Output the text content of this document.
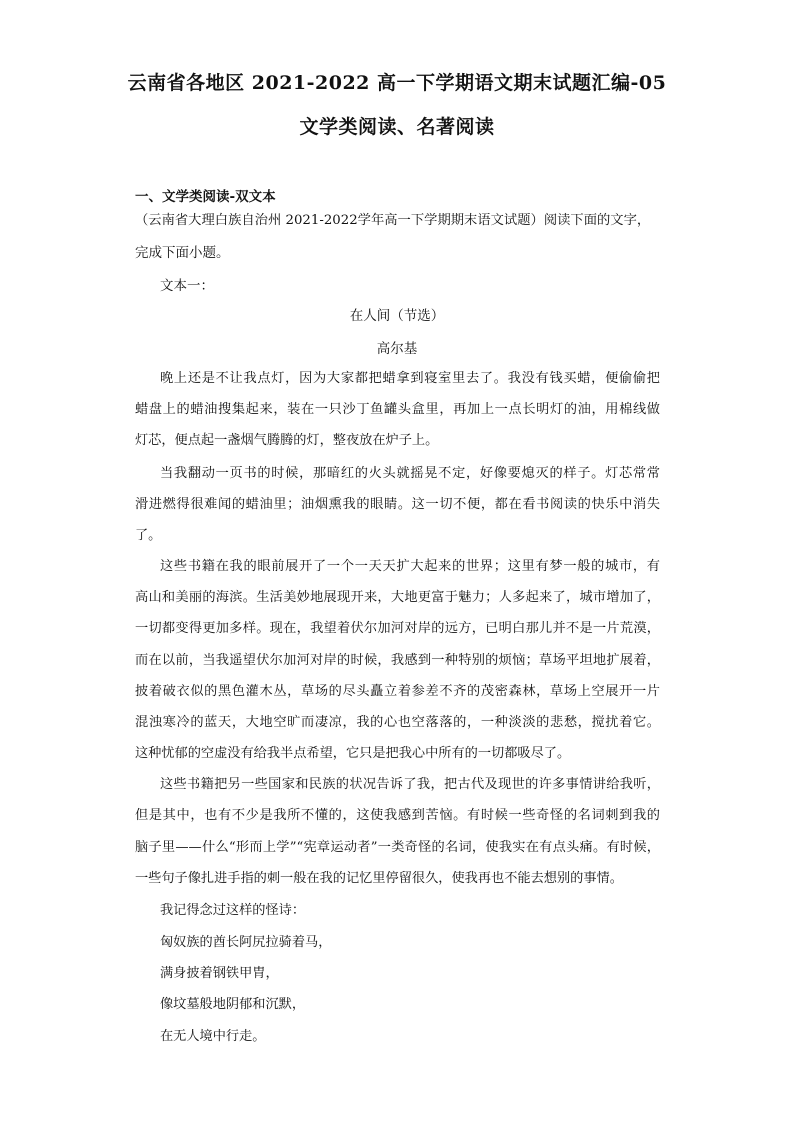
云南省各地区 2021-2022 高一下学期语文期末试题汇编-05
文学类阅读、名著阅读
一、文学类阅读-双文本
（云南省大理白族自治州 2021-2022学年高一下学期期末语文试题）阅读下面的文字，
完成下面小题。
文本一：
在人间（节选）
高尔基
晚上还是不让我点灯，因为大家都把蜡拿到寝室里去了。我没有钱买蜡，便偷偷把
蜡盘上的蜡油搜集起来，装在一只沙丁鱼罐头盒里，再加上一点长明灯的油，用棉线做
灯芯，便点起一盏烟气腾腾的灯，整夜放在炉子上。
当我翻动一页书的时候，那暗红的火头就摇晃不定，好像要熄灭的样子。灯芯常常
滑进燃得很难闻的蜡油里；油烟熏我的眼睛。这一切不便，都在看书阅读的快乐中消失
了。
这些书籍在我的眼前展开了一个一天天扩大起来的世界；这里有梦一般的城市，有
高山和美丽的海滨。生活美妙地展现开来，大地更富于魅力；人多起来了，城市增加了，
一切都变得更加多样。现在，我望着伏尔加河对岸的远方，已明白那儿并不是一片荒漠，
而在以前，当我遥望伏尔加河对岸的时候，我感到一种特别的烦恼；草场平坦地扩展着，
披着破衣似的黑色灌木丛，草场的尽头矗立着参差不齐的茂密森林，草场上空展开一片
混浊寒冷的蓝天，大地空旷而凄凉，我的心也空落落的，一种淡淡的悲愁，搅扰着它。
这种忧郁的空虚没有给我半点希望，它只是把我心中所有的一切都吸尽了。
这些书籍把另一些国家和民族的状况告诉了我，把古代及现世的许多事情讲给我听，
但是其中，也有不少是我所不懂的，这使我感到苦恼。有时候一些奇怪的名词刺到我的
脑子里——什么“形而上学”“宪章运动者”一类奇怪的名词，使我实在有点头痛。有时候，
一些句子像扎进手指的刺一般在我的记忆里停留很久，使我再也不能去想别的事情。
我记得念过这样的怪诗：
匈奴族的酋长阿尻拉骑着马，
满身披着钢铁甲胄，
像坟墓般地阴郁和沉默，
在无人境中行走。
